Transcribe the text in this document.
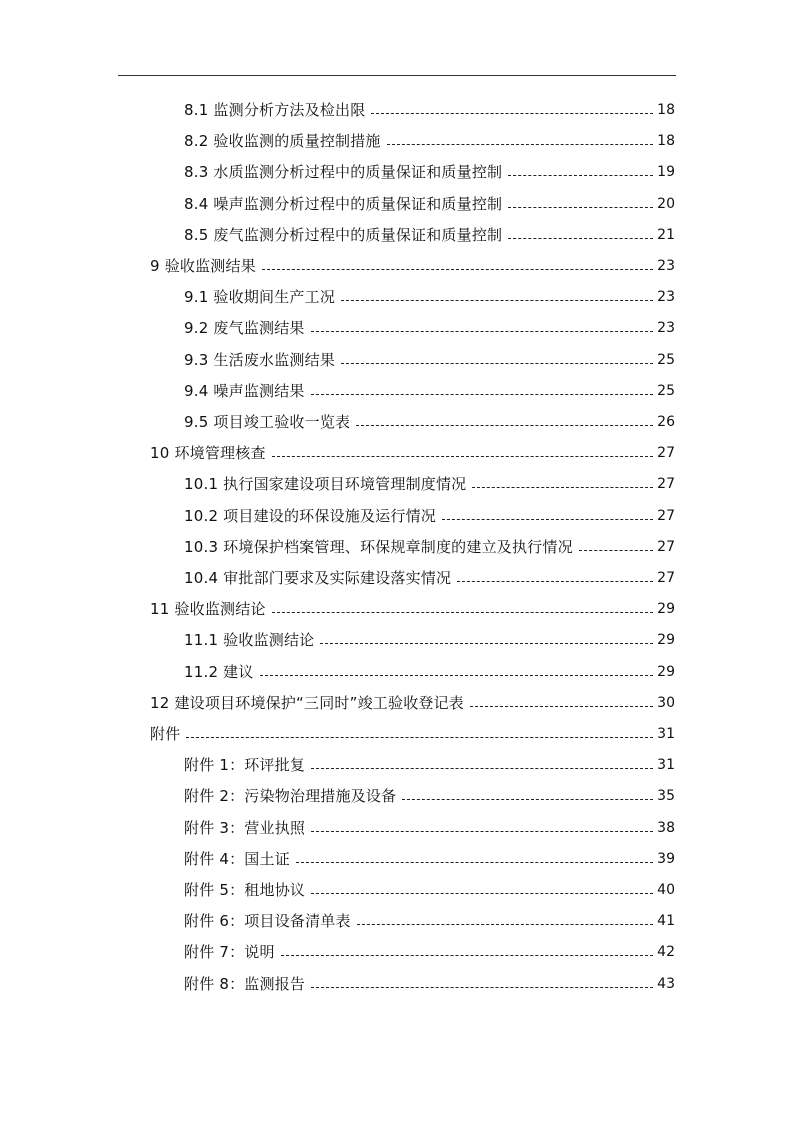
8.1 监测分析方法及检出限	18
8.2 验收监测的质量控制措施	18
8.3 水质监测分析过程中的质量保证和质量控制	19
8.4 噪声监测分析过程中的质量保证和质量控制	20
8.5 废气监测分析过程中的质量保证和质量控制	21
9 验收监测结果	23
9.1 验收期间生产工况	23
9.2 废气监测结果	23
9.3 生活废水监测结果	25
9.4 噪声监测结果	25
9.5 项目竣工验收一览表	26
10 环境管理核查	27
10.1 执行国家建设项目环境管理制度情况	27
10.2 项目建设的环保设施及运行情况	27
10.3 环境保护档案管理、环保规章制度的建立及执行情况	27
10.4 审批部门要求及实际建设落实情况	27
11 验收监测结论	29
11.1 验收监测结论	29
11.2 建议	29
12 建设项目环境保护“三同时”竣工验收登记表	30
附件	31
附件 1：环评批复	31
附件 2：污染物治理措施及设备	35
附件 3：营业执照	38
附件 4：国土证	39
附件 5：租地协议	40
附件 6：项目设备清单表	41
附件 7：说明	42
附件 8：监测报告	43
